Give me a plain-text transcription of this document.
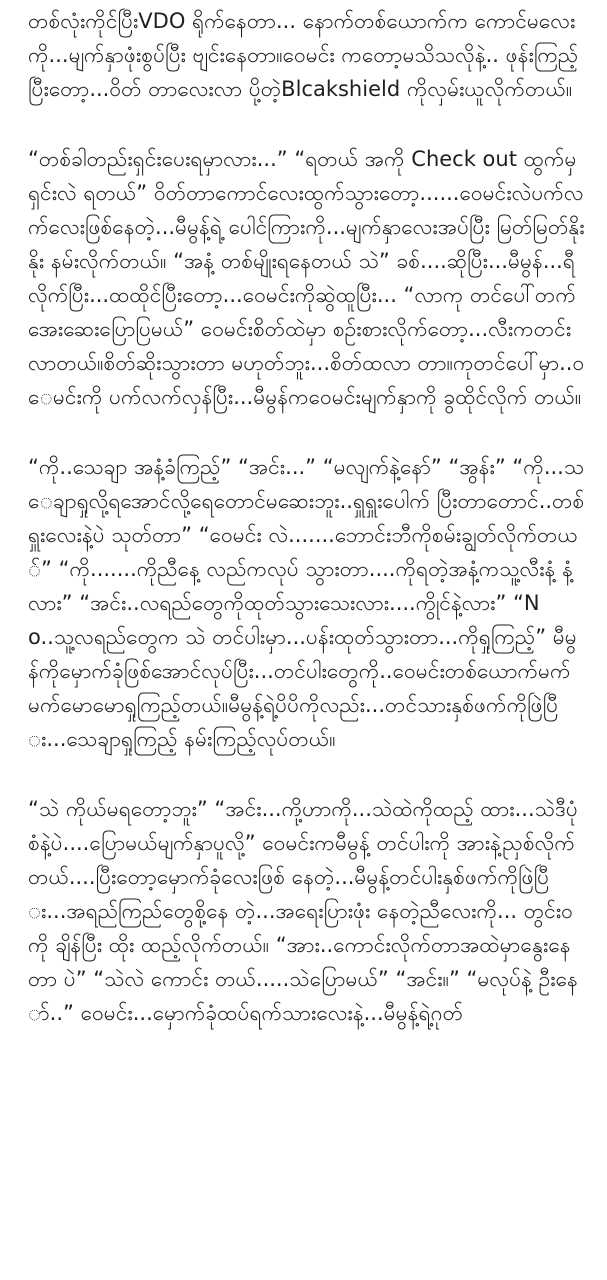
တစ်လုံးကိုင်ပြီးVDO ရိုက်နေတာ... နောက်တစ်ယောက်က ကောင်မလေးကို...မျက်နှာဖုံးစွပ်ပြီး ဗျင်းနေတာ။ဝေမင်း ကတော့မသိသလိုနဲ့.. ဖုန်းကြည့်ပြီးတော့...ဝိတ် တာလေးလာ ပို့တဲ့Blcakshield ကိုလှမ်းယူလိုက်တယ်။

“တစ်ခါတည်းရှင်းပေးရမှာလား...” “ရတယ် အကို Check out ထွက်မှ ရှင်းလဲ ရတယ်” ဝိတ်တာကောင်လေးထွက်သွားတော့......ဝေမင်းလဲပက်လက်လေးဖြစ်နေတဲ့...မီမွန့်ရဲ့ ပေါင်ကြားကို...မျက်နှာလေးအပ်ပြီး မြတ်မြတ်နိုးနိုး နမ်းလိုက်တယ်။ “အနံ့ တစ်မျိုးရနေတယ် သဲ” ခစ်....ဆိုပြီး...မီမွန်...ရီလိုက်ပြီး...ထထိုင်ပြီးတော့...ဝေမင်းကိုဆွဲထူပြီး... “လာကု တင်ပေါ်တက် အေးဆေးပြောပြမယ်” ဝေမင်းစိတ်ထဲမှာ စဉ်းစားလိုက်တော့...လီးကတင်းလာတယ်။စိတ်ဆိုးသွားတာ မဟုတ်ဘူး...စိတ်ထလာ တာ။ကုတင်ပေါ်မှာ..ဝေမင်းကို ပက်လက်လှန်ပြီး...မီမွန်ကဝေမင်းမျက်နှာကို ခွထိုင်လိုက် တယ်။

“ကို..သေချာ အနံ့ခံကြည့်” “အင်း...” “မလျက်နဲ့နော်” “အွန်း” “ကို...သေချာရှုလို့ရအောင်လို့ရေတောင်မဆေးဘူး..ရှူရှူးပေါက် ပြီးတာတောင်..တစ်ရှူးလေးနဲ့ပဲ သုတ်တာ” “ဝေမင်း လဲ.......ဘောင်းဘီကိုစမ်းချွတ်လိုက်တယ်” “ကို.......ကိုညီနေ့ လည်ကလုပ် သွားတာ....ကိုရတဲ့အနံ့ကသူ့လီးနံ့ နံ့လား” “အင်း..လရည်တွေကိုထုတ်သွားသေးလား....ကွိုင်နဲ့လား” “No..သူ့လရည်တွေက သဲ တင်ပါးမှာ...ပန်းထုတ်သွားတာ...ကိုရှုကြည့်” မီမွန်ကိုမှောက်ခုံဖြစ်အောင်လုပ်ပြီး...တင်ပါးတွေကို..ဝေမင်းတစ်ယောက်မက် မက်မောမောရှုကြည့်တယ်။မီမွန့်ရဲ့ပိပိကိုလည်း...တင်သားနှစ်ဖက်ကိုဖြဲပြီး...သေချာရှုကြည့် နမ်းကြည့်လုပ်တယ်။

“သဲ ကိုယ်မရတော့ဘူး” “အင်း...ကို့ဟာကို...သဲထဲကိုထည့် ထား...သဲဒီပုံစံနဲ့ပဲ....ပြောမယ်မျက်နှာပူလို့” ဝေမင်းကမီမွန့် တင်ပါးကို အားနဲ့ညှစ်လိုက်တယ်....ပြီးတော့မှောက်ခုံလေးဖြစ် နေတဲ့...မီမွန့်တင်ပါးနှစ်ဖက်ကိုဖြဲပြီး...အရည်ကြည်တွေစို့နေ တဲ့...အရေးပြားဖုံး နေတဲ့ညီလေးကို... တွင်းဝကို ချိန်ပြီး ထိုး ထည့်လိုက်တယ်။ “အား..ကောင်းလိုက်တာအထဲမှာနွေးနေတာ ပဲ” “သဲလဲ ကောင်း တယ်.....သဲပြောမယ်” “အင်း။” “မလုပ်နဲ့ ဦးနော်..” ဝေမင်း...မှောက်ခုံထပ်ရက်သားလေးနဲ့...မီမွန့်ရဲ့ဂုတ်
